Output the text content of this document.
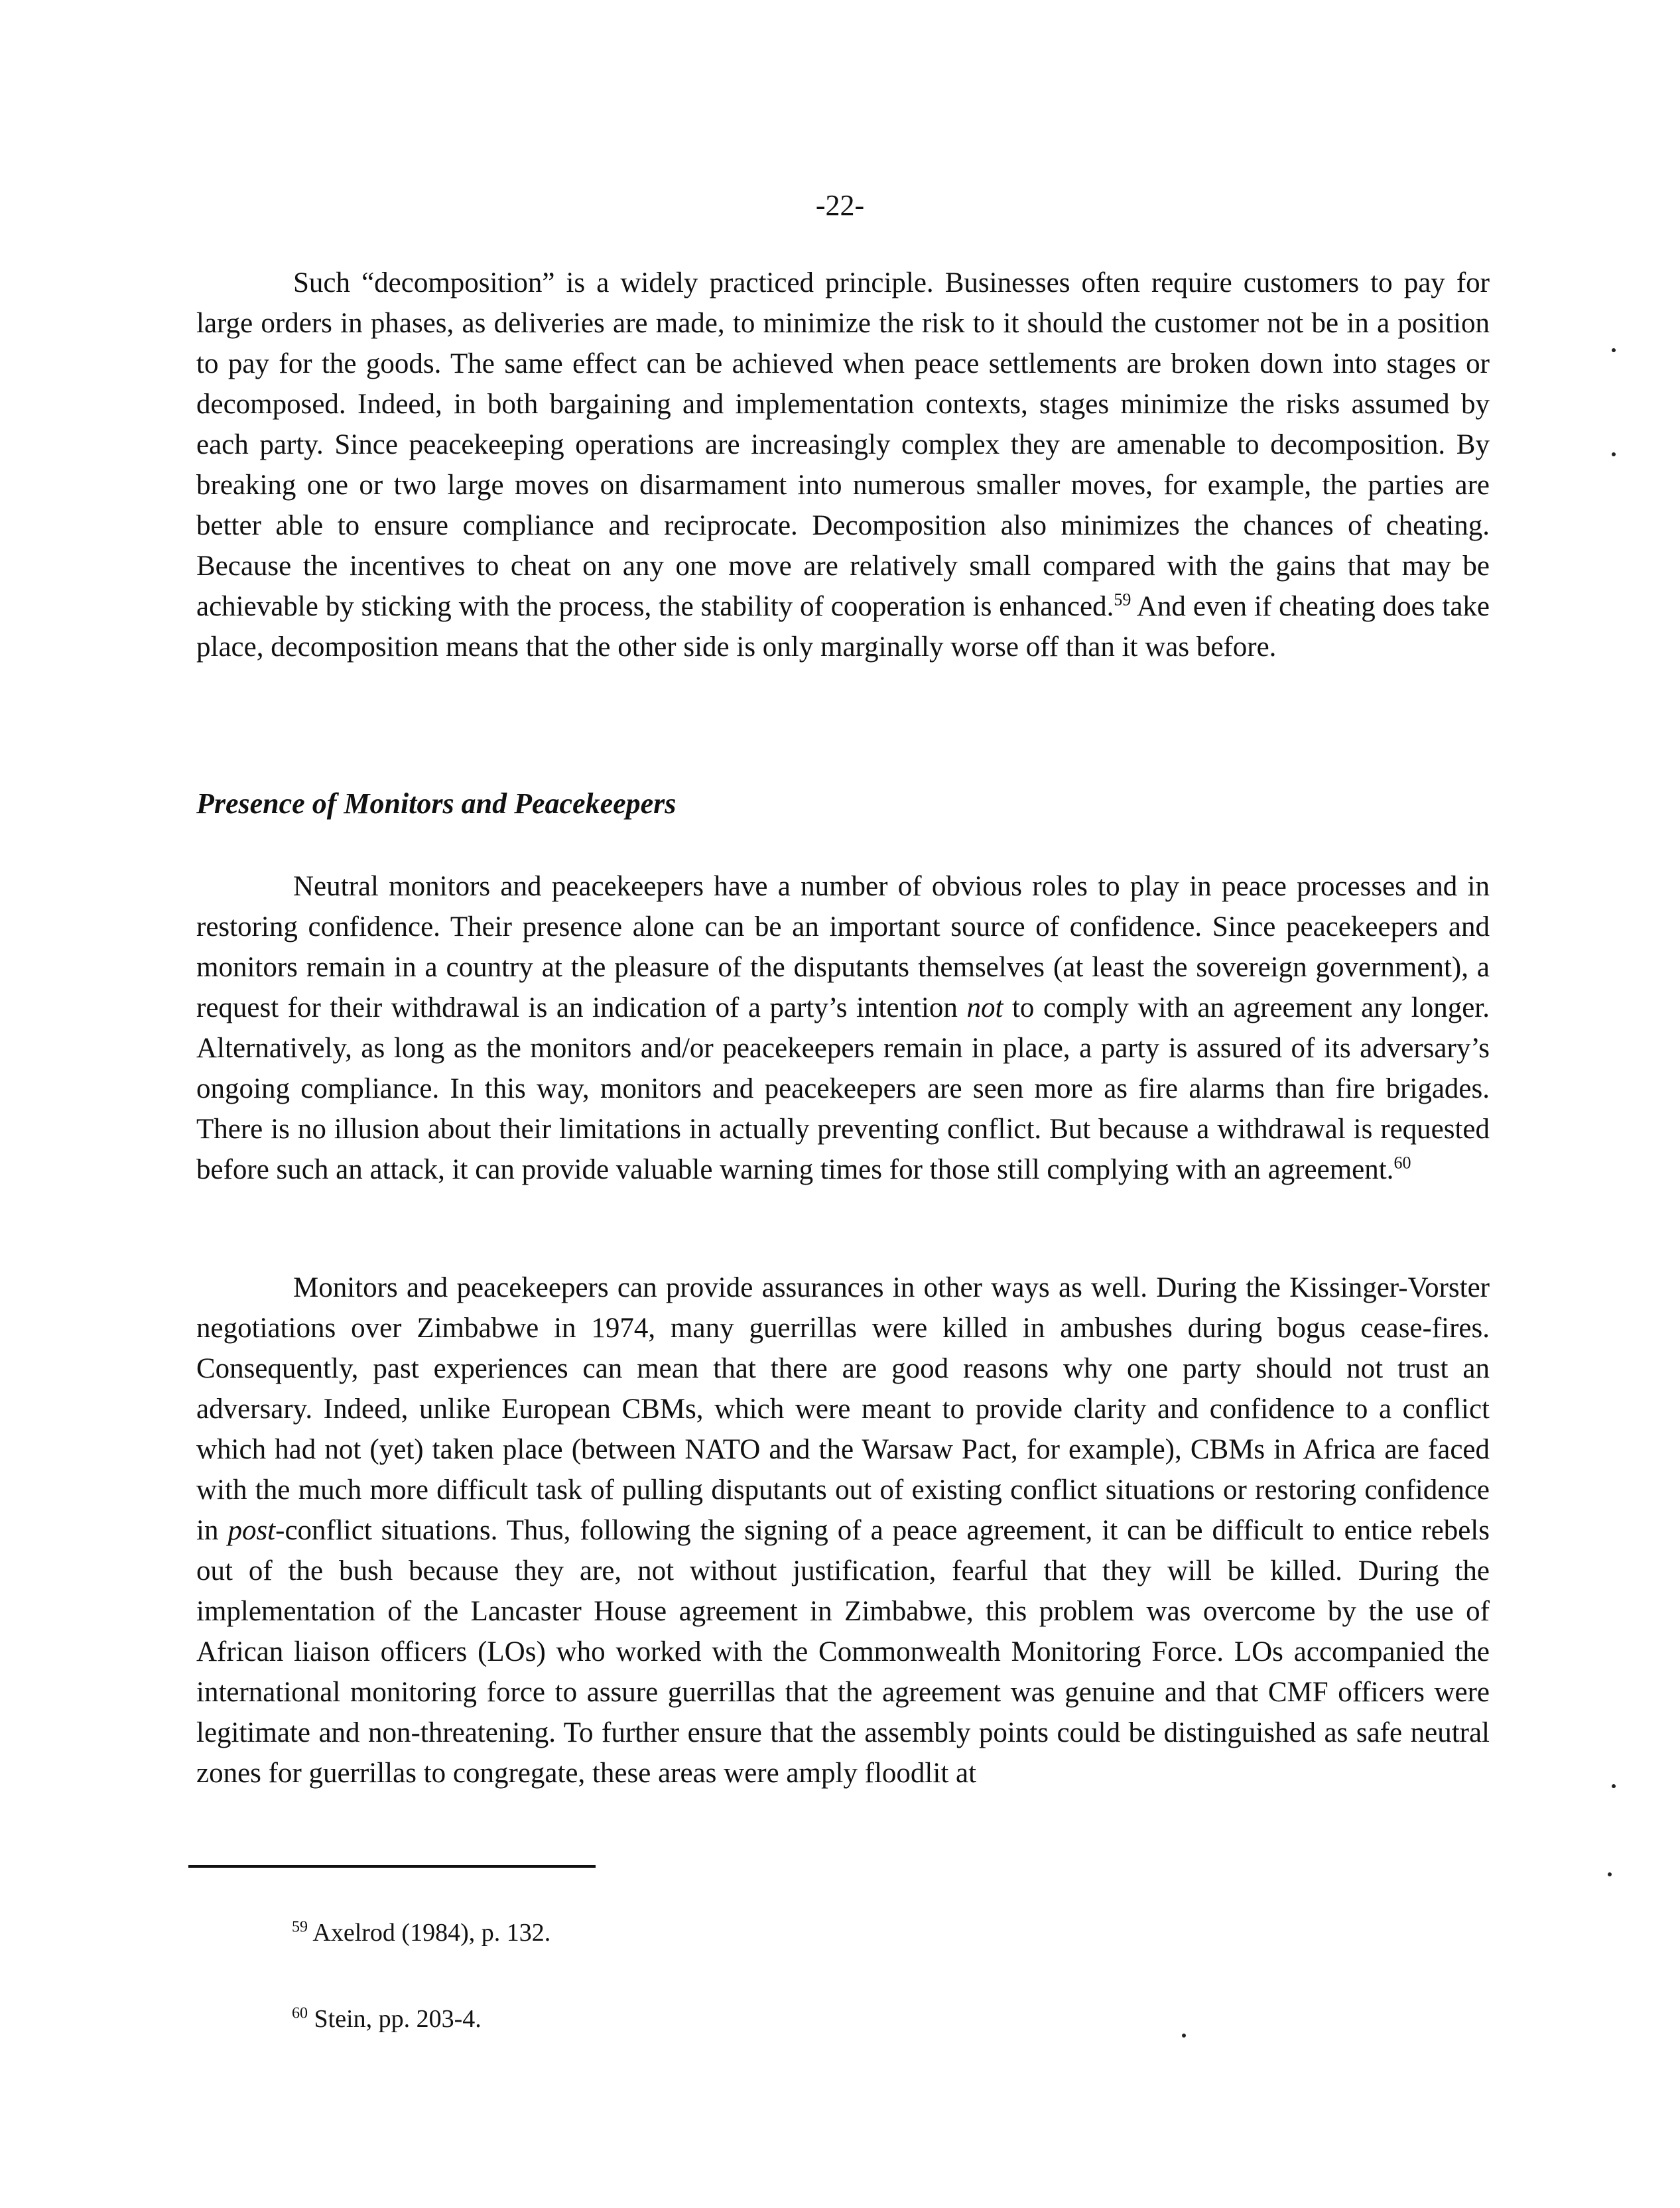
-22-

Such “decomposition” is a widely practiced principle. Businesses often require customers to pay for large orders in phases, as deliveries are made, to minimize the risk to it should the customer not be in a position to pay for the goods. The same effect can be achieved when peace settlements are broken down into stages or decomposed. Indeed, in both bargaining and implementation contexts, stages minimize the risks assumed by each party. Since peacekeeping operations are increasingly complex they are amenable to decomposition. By breaking one or two large moves on disarmament into numerous smaller moves, for example, the parties are better able to ensure compliance and reciprocate. Decomposition also minimizes the chances of cheating. Because the incentives to cheat on any one move are relatively small compared with the gains that may be achievable by sticking with the process, the stability of cooperation is enhanced.$^{59}$ And even if cheating does take place, decomposition means that the other side is only marginally worse off than it was before.

Presence of Monitors and Peacekeepers

Neutral monitors and peacekeepers have a number of obvious roles to play in peace processes and in restoring confidence. Their presence alone can be an important source of confidence. Since peacekeepers and monitors remain in a country at the pleasure of the disputants themselves (at least the sovereign government), a request for their withdrawal is an indication of a party’s intention not to comply with an agreement any longer. Alternatively, as long as the monitors and/or peacekeepers remain in place, a party is assured of its adversary’s ongoing compliance. In this way, monitors and peacekeepers are seen more as fire alarms than fire brigades. There is no illusion about their limitations in actually preventing conflict. But because a withdrawal is requested before such an attack, it can provide valuable warning times for those still complying with an agreement.$^{60}$

Monitors and peacekeepers can provide assurances in other ways as well. During the Kissinger-Vorster negotiations over Zimbabwe in 1974, many guerrillas were killed in ambushes during bogus cease-fires. Consequently, past experiences can mean that there are good reasons why one party should not trust an adversary. Indeed, unlike European CBMs, which were meant to provide clarity and confidence to a conflict which had not (yet) taken place (between NATO and the Warsaw Pact, for example), CBMs in Africa are faced with the much more difficult task of pulling disputants out of existing conflict situations or restoring confidence in post-conflict situations. Thus, following the signing of a peace agreement, it can be difficult to entice rebels out of the bush because they are, not without justification, fearful that they will be killed. During the implementation of the Lancaster House agreement in Zimbabwe, this problem was overcome by the use of African liaison officers (LOs) who worked with the Commonwealth Monitoring Force. LOs accompanied the international monitoring force to assure guerrillas that the agreement was genuine and that CMF officers were legitimate and non-threatening. To further ensure that the assembly points could be distinguished as safe neutral zones for guerrillas to congregate, these areas were amply floodlit at

$^{59}$ Axelrod (1984), p. 132.
$^{60}$ Stein, pp. 203-4.
